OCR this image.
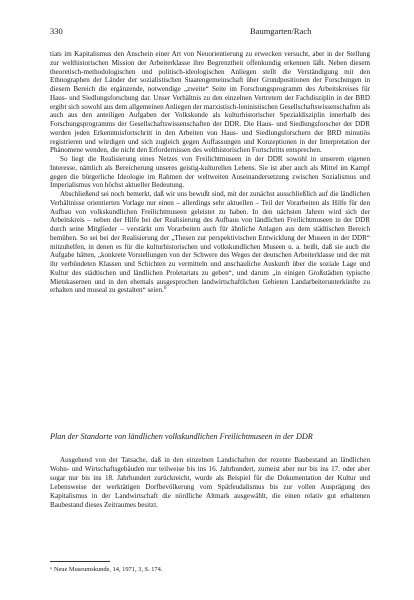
330	Baumgarten/Rach

tiats im Kapitalismus den Anschein einer Art von Neuorientierung zu erwecken versucht, aber in der Stellung zur welthistorischen Mission der Arbeiterklasse ihre Begrenztheit offenkundig erkennen läßt. Neben diesem theoretisch-methodologischen und politisch-ideologischen Anliegen stellt die Verständigung mit den Ethnographen der Länder der sozialistischen Staatengemeinschaft über Grundpositionen der Forschungen in diesem Bereich die ergänzende, notwendige „zweite“ Seite im Forschungsprogramm des Arbeitskreises für Haus- und Siedlungsforschung dar. Unser Verhältnis zu den einzelnen Vertretern der Fachdisziplin in der BRD ergibt sich sowohl aus dem allgemeinen Anliegen der marxistisch-leninistischen Gesellschaftswissenschaften als auch aus den anteiligen Aufgaben der Volkskunde als kulturhistorischer Spezialdisziplin innerhalb des Forschungsprogramms der Gesellschaftswissenschaften der DDR. Die Haus- und Siedlungsforscher der DDR werden jeden Erkenntnisfortschritt in den Arbeiten von Haus- und Siedlungsforschern der BRD minutiös registrieren und würdigen und sich zugleich gegen Auffassungen und Konzeptionen in der Interpretation der Phänomene wenden, die nicht den Erfordernissen des welthistorischen Fortschritts entsprechen.

So liegt die Realisierung eines Netzes von Freilichtmuseen in der DDR sowohl in unserem eigenen Interesse, nämlich als Bereicherung unseres geistig-kulturellen Lebens. Sie ist aber auch als Mittel im Kampf gegen die bürgerliche Ideologie im Rahmen der weltweiten Auseinandersetzung zwischen Sozialismus und Imperialismus von höchst aktueller Bedeutung.

Abschließend sei noch bemerkt, daß wir uns bewußt sind, mit der zunächst ausschließlich auf die ländlichen Verhältnisse orientierten Vorlage nur einen – allerdings sehr aktuellen – Teil der Vorarbeiten als Hilfe für den Aufbau von volkskundlichen Freilichtmuseen geleistet zu haben. In den nächsten Jahren wird sich der Arbeitskreis – neben der Hilfe bei der Realisierung des Aufbaus von ländlichen Freilichtmuseen in der DDR durch seine Mitglieder – verstärkt um Vorarbeiten auch für ähnliche Anlagen aus dem städtischen Bereich bemühen. So sei bei der Realisierung der „Thesen zur perspektivischen Entwicklung der Museen in der DDR“ mitzuhelfen, in denen es für die kulturhistorischen und volkskundlichen Museen u. a. heißt, daß sie auch die Aufgabe hätten, „konkrete Vorstellungen von der Schwere des Weges der deutschen Arbeiterklasse und der mit ihr verbündeten Klassen und Schichten zu vermitteln und anschauliche Auskunft über die soziale Lage und Kultur des städtischen und ländlichen Proletariats zu geben“, und darum „in einigen Großstädten typische Mietskasernen und in den ehemals ausgesprochen landwirtschaftlichen Gebieten Landarbeiterunterkünfte zu erhalten und museal zu gestalten“ seien.$^6$

Plan der Standorte von ländlichen volkskundlichen Freilichtmuseen in der DDR

Ausgehend von der Tatsache, daß in den einzelnen Landschaften der rezente Baubestand an ländlichen Wohn- und Wirtschaftsgebäuden nur teilweise bis ins 16. Jahrhundert, zumeist aber nur bis ins 17. oder aber sogar nur bis ins 18. Jahrhundert zurückreicht, wurde als Beispiel für die Dokumentation der Kultur und Lebensweise der werktätigen Dorfbevölkerung vom Spätfeudalismus bis zur vollen Ausprägung des Kapitalismus in der Landwirtschaft die nördliche Altmark ausgewählt, die einen relativ gut erhaltenen Baubestand dieses Zeitraumes besitzt.

⁶ Neue Museumskunde, 14, 1971, 3, S. 174.
